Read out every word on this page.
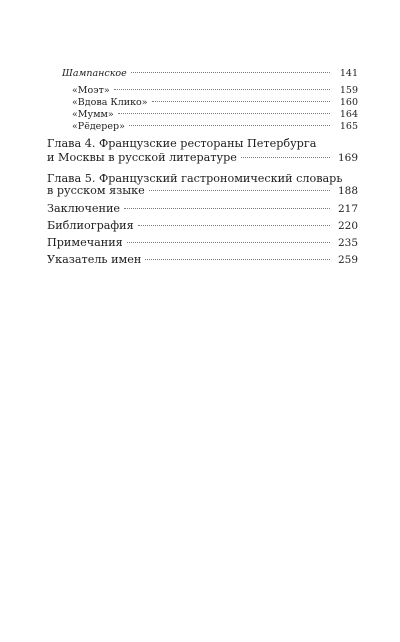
Шампанское	141
«Моэт»	159
«Вдова Клико»	160
«Мумм»	164
«Рёдерер»	165
Глава 4. Французские рестораны Петербурга
и Москвы в русской литературе	169
Глава 5. Французский гастрономический словарь
в русском языке	188
Заключение	217
Библиография	220
Примечания	235
Указатель имен	259
